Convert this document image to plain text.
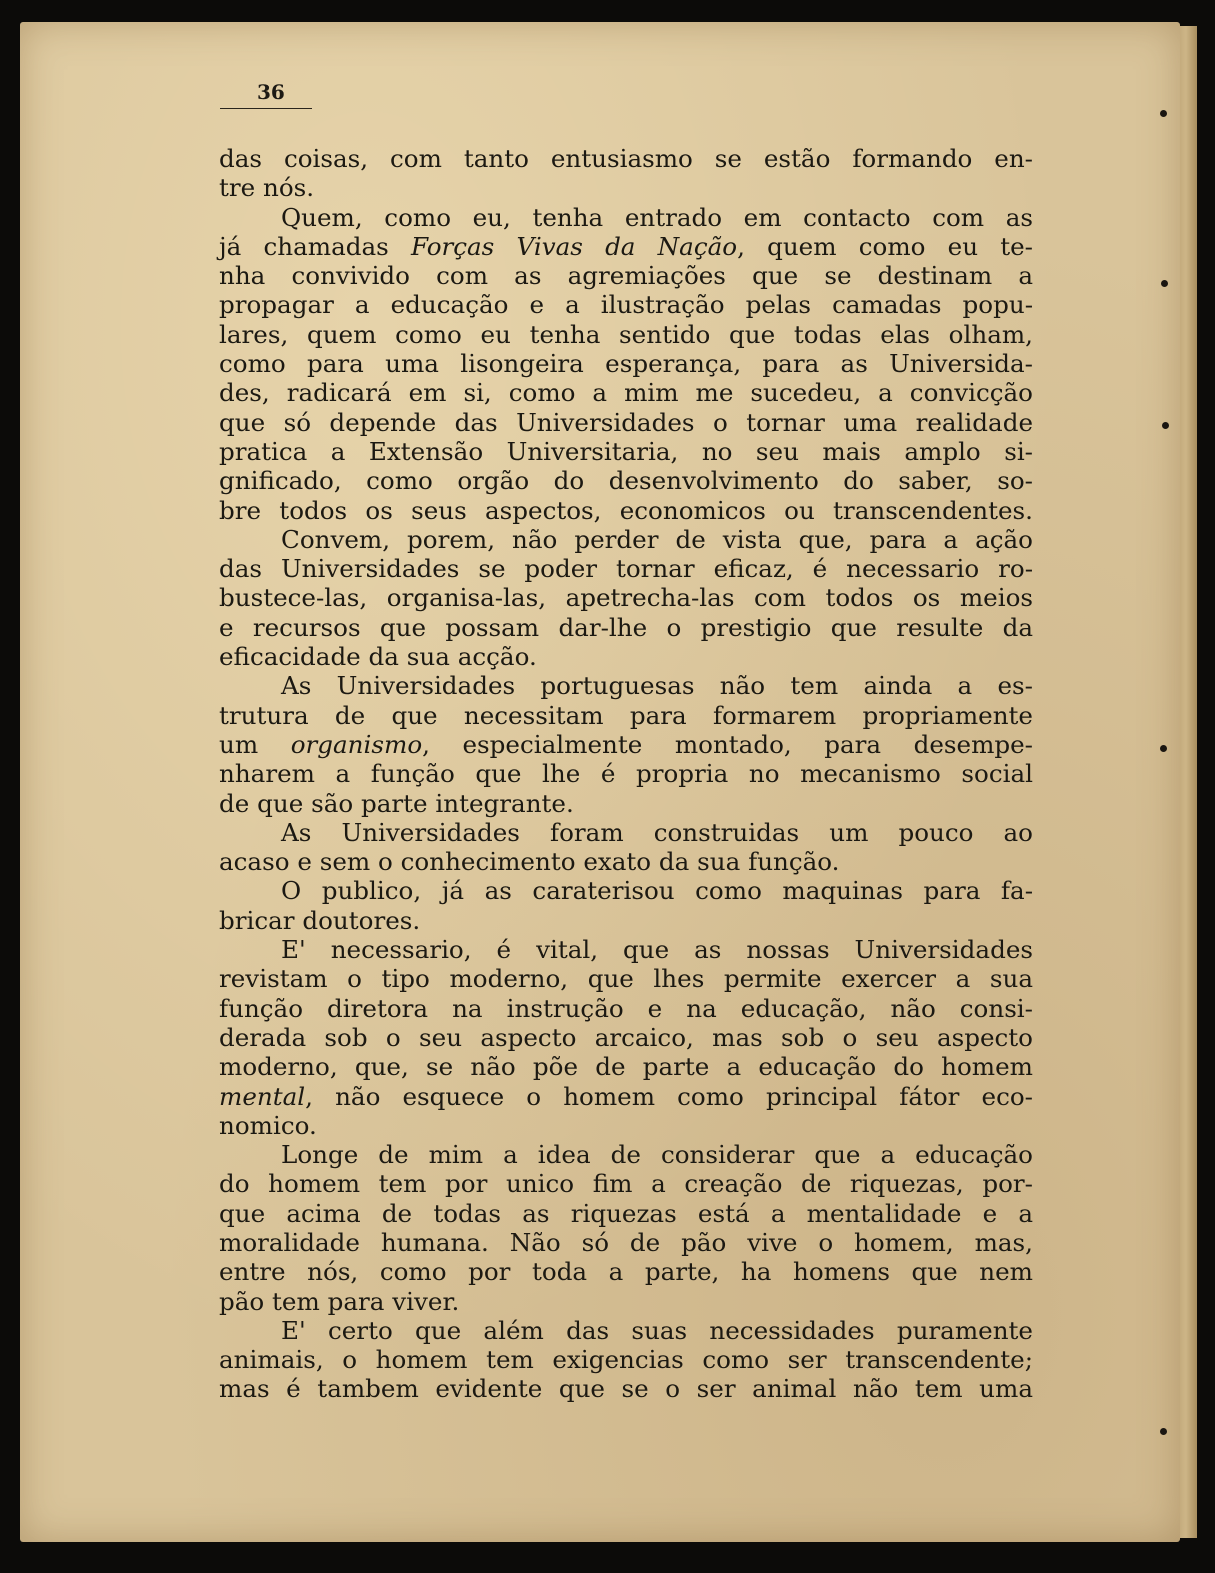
36
das coisas, com tanto entusiasmo se estão formando en-
tre nós.
Quem, como eu, tenha entrado em contacto com as
já chamadas Forças Vivas da Nação, quem como eu te-
nha convivido com as agremiações que se destinam a
propagar a educação e a ilustração pelas camadas popu-
lares, quem como eu tenha sentido que todas elas olham,
como para uma lisongeira esperança, para as Universida-
des, radicará em si, como a mim me sucedeu, a convicção
que só depende das Universidades o tornar uma realidade
pratica a Extensão Universitaria, no seu mais amplo si-
gnificado, como orgão do desenvolvimento do saber, so-
bre todos os seus aspectos, economicos ou transcendentes.
Convem, porem, não perder de vista que, para a ação
das Universidades se poder tornar eficaz, é necessario ro-
bustece-las, organisa-las, apetrecha-las com todos os meios
e recursos que possam dar-lhe o prestigio que resulte da
eficacidade da sua acção.
As Universidades portuguesas não tem ainda a es-
trutura de que necessitam para formarem propriamente
um organismo, especialmente montado, para desempe-
nharem a função que lhe é propria no mecanismo social
de que são parte integrante.
As Universidades foram construidas um pouco ao
acaso e sem o conhecimento exato da sua função.
O publico, já as caraterisou como maquinas para fa-
bricar doutores.
E' necessario, é vital, que as nossas Universidades
revistam o tipo moderno, que lhes permite exercer a sua
função diretora na instrução e na educação, não consi-
derada sob o seu aspecto arcaico, mas sob o seu aspecto
moderno, que, se não põe de parte a educação do homem
mental, não esquece o homem como principal fátor eco-
nomico.
Longe de mim a idea de considerar que a educação
do homem tem por unico fim a creação de riquezas, por-
que acima de todas as riquezas está a mentalidade e a
moralidade humana. Não só de pão vive o homem, mas,
entre nós, como por toda a parte, ha homens que nem
pão tem para viver.
E' certo que além das suas necessidades puramente
animais, o homem tem exigencias como ser transcendente;
mas é tambem evidente que se o ser animal não tem uma
